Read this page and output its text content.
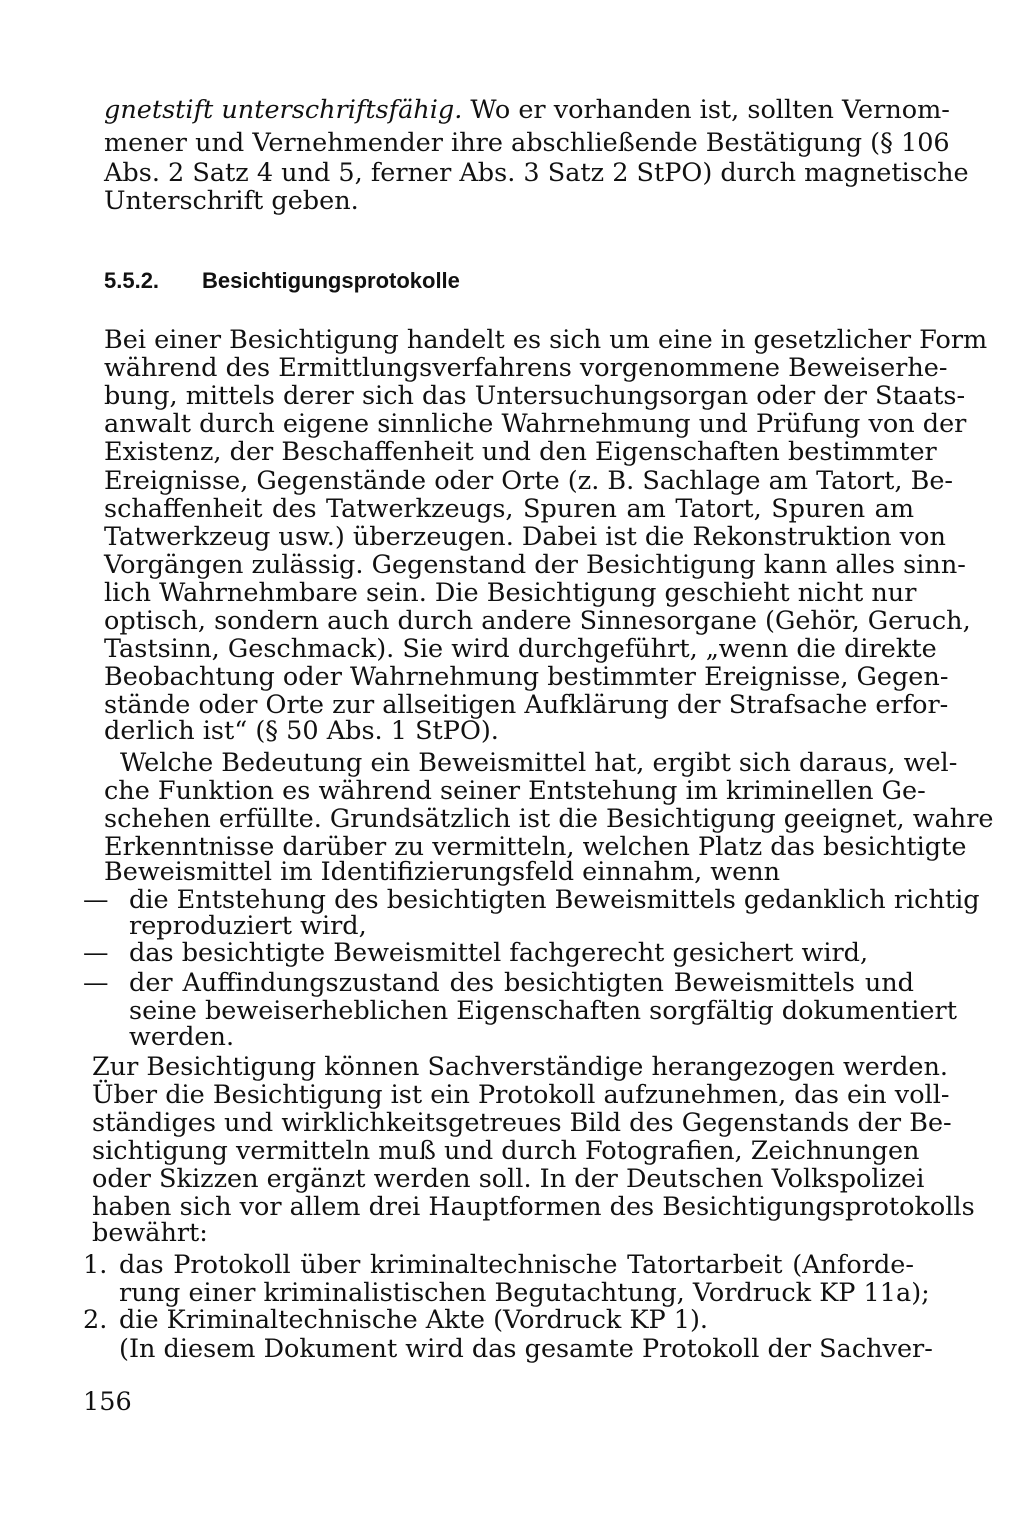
gnetstift unterschriftsfähig. Wo er vorhanden ist, sollten Vernom-
mener und Vernehmender ihre abschließende Bestätigung (§ 106
Abs. 2 Satz 4 und 5, ferner Abs. 3 Satz 2 StPO) durch magnetische
Unterschrift geben.
5.5.2. Besichtigungsprotokolle
Bei einer Besichtigung handelt es sich um eine in gesetzlicher Form
während des Ermittlungsverfahrens vorgenommene Beweiserhe-
bung, mittels derer sich das Untersuchungsorgan oder der Staats-
anwalt durch eigene sinnliche Wahrnehmung und Prüfung von der
Existenz, der Beschaffenheit und den Eigenschaften bestimmter
Ereignisse, Gegenstände oder Orte (z. B. Sachlage am Tatort, Be-
schaffenheit des Tatwerkzeugs, Spuren am Tatort, Spuren am
Tatwerkzeug usw.) überzeugen. Dabei ist die Rekonstruktion von
Vorgängen zulässig. Gegenstand der Besichtigung kann alles sinn-
lich Wahrnehmbare sein. Die Besichtigung geschieht nicht nur
optisch, sondern auch durch andere Sinnesorgane (Gehör, Geruch,
Tastsinn, Geschmack). Sie wird durchgeführt, „wenn die direkte
Beobachtung oder Wahrnehmung bestimmter Ereignisse, Gegen-
stände oder Orte zur allseitigen Aufklärung der Strafsache erfor-
derlich ist“ (§ 50 Abs. 1 StPO).
Welche Bedeutung ein Beweismittel hat, ergibt sich daraus, wel-
che Funktion es während seiner Entstehung im kriminellen Ge-
schehen erfüllte. Grundsätzlich ist die Besichtigung geeignet, wahre
Erkenntnisse darüber zu vermitteln, welchen Platz das besichtigte
Beweismittel im Identifizierungsfeld einnahm, wenn
— die Entstehung des besichtigten Beweismittels gedanklich richtig
reproduziert wird,
— das besichtigte Beweismittel fachgerecht gesichert wird,
— der Auffindungszustand des besichtigten Beweismittels und
seine beweiserheblichen Eigenschaften sorgfältig dokumentiert
werden.
Zur Besichtigung können Sachverständige herangezogen werden.
Über die Besichtigung ist ein Protokoll aufzunehmen, das ein voll-
ständiges und wirklichkeitsgetreues Bild des Gegenstands der Be-
sichtigung vermitteln muß und durch Fotografien, Zeichnungen
oder Skizzen ergänzt werden soll. In der Deutschen Volkspolizei
haben sich vor allem drei Hauptformen des Besichtigungsprotokolls
bewährt:
1. das Protokoll über kriminaltechnische Tatortarbeit (Anforde-
rung einer kriminalistischen Begutachtung, Vordruck KP 11a);
2. die Kriminaltechnische Akte (Vordruck KP 1).
(In diesem Dokument wird das gesamte Protokoll der Sachver-
156
